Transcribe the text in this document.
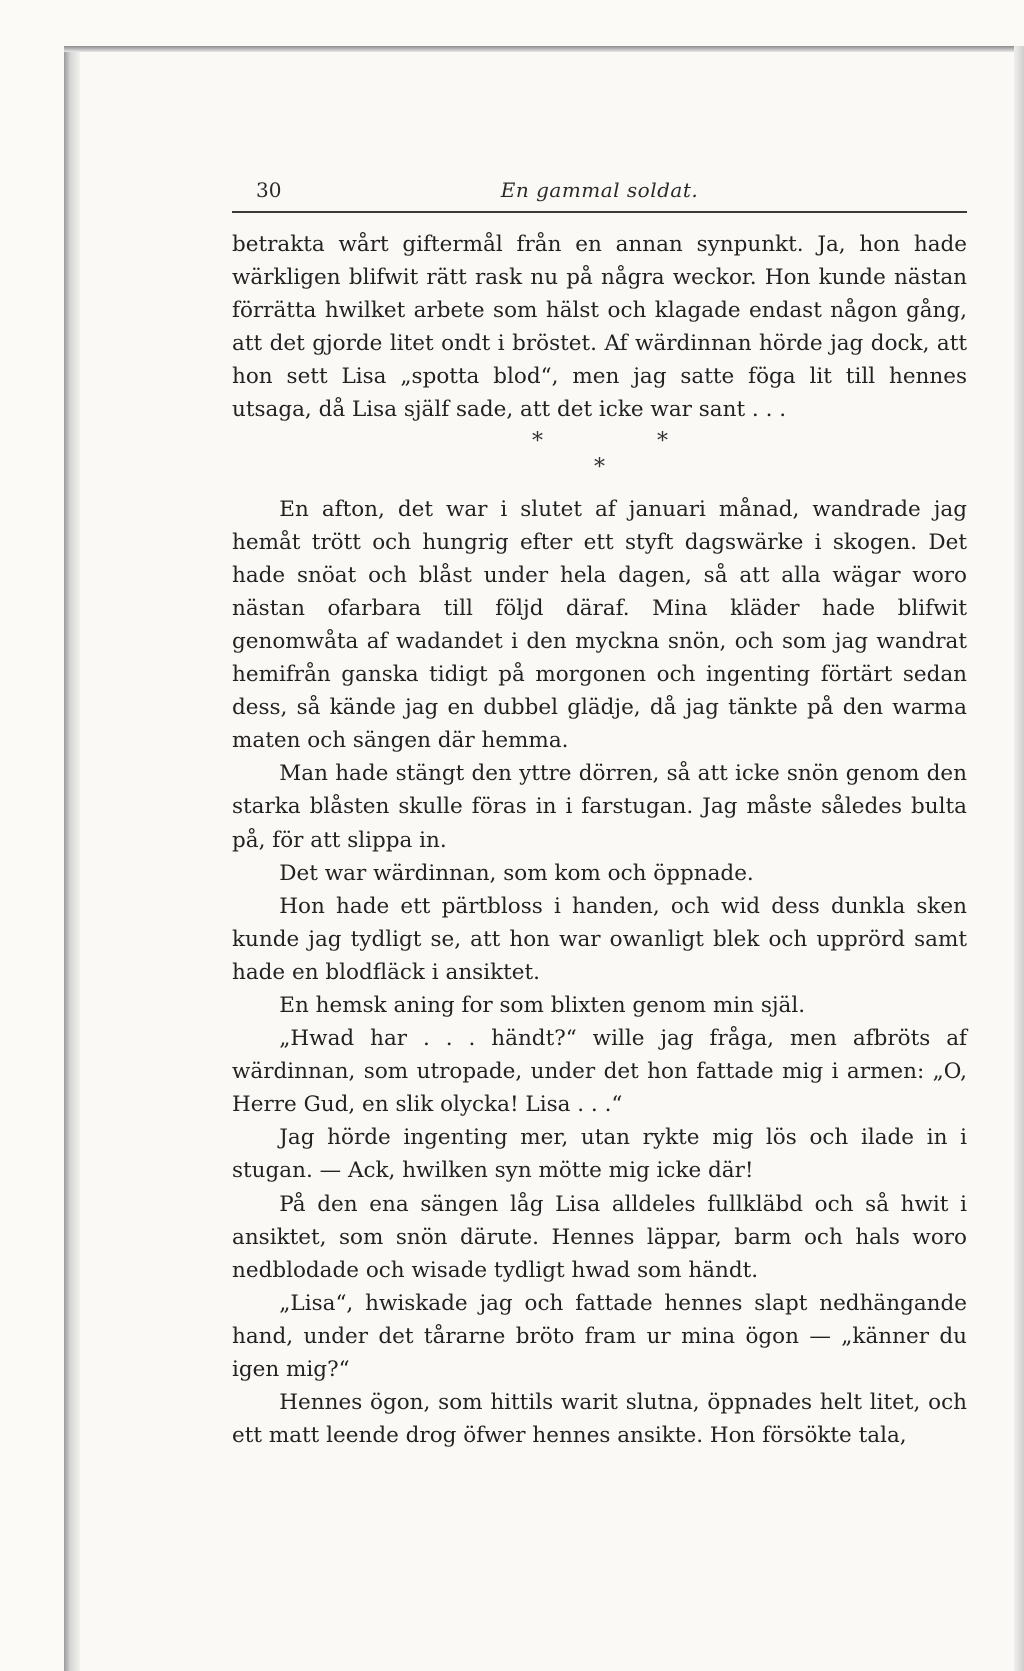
30	En gammal soldat.

betrakta wårt giftermål från en annan synpunkt. Ja, hon hade wärkligen blifwit rätt rask nu på några weckor. Hon kunde nästan förrätta hwilket arbete som hälst och klagade endast någon gång, att det gjorde litet ondt i bröstet. Af wärdinnan hörde jag dock, att hon sett Lisa „spotta blod“, men jag satte föga lit till hennes utsaga, då Lisa själf sade, att det icke war sant . . .

*	*
*

En afton, det war i slutet af januari månad, wandrade jag hemåt trött och hungrig efter ett styft dagswärke i skogen. Det hade snöat och blåst under hela dagen, så att alla wägar woro nästan ofarbara till följd däraf. Mina kläder hade blifwit genomwåta af wadandet i den myckna snön, och som jag wandrat hemifrån ganska tidigt på morgonen och ingenting förtärt sedan dess, så kände jag en dubbel glädje, då jag tänkte på den warma maten och sängen där hemma.

Man hade stängt den yttre dörren, så att icke snön genom den starka blåsten skulle föras in i farstugan. Jag måste således bulta på, för att slippa in.

Det war wärdinnan, som kom och öppnade.

Hon hade ett pärtbloss i handen, och wid dess dunkla sken kunde jag tydligt se, att hon war owanligt blek och upprörd samt hade en blodfläck i ansiktet.

En hemsk aning for som blixten genom min själ.

„Hwad har . . . händt?“ wille jag fråga, men afbröts af wärdinnan, som utropade, under det hon fattade mig i armen: „O, Herre Gud, en slik olycka! Lisa . . .“

Jag hörde ingenting mer, utan rykte mig lös och ilade in i stugan. — Ack, hwilken syn mötte mig icke där!

På den ena sängen låg Lisa alldeles fullkläbd och så hwit i ansiktet, som snön därute. Hennes läppar, barm och hals woro nedblodade och wisade tydligt hwad som händt.

„Lisa“, hwiskade jag och fattade hennes slapt nedhängande hand, under det tårarne bröto fram ur mina ögon — „känner du igen mig?“

Hennes ögon, som hittils warit slutna, öppnades helt litet, och ett matt leende drog öfwer hennes ansikte. Hon försökte tala,
